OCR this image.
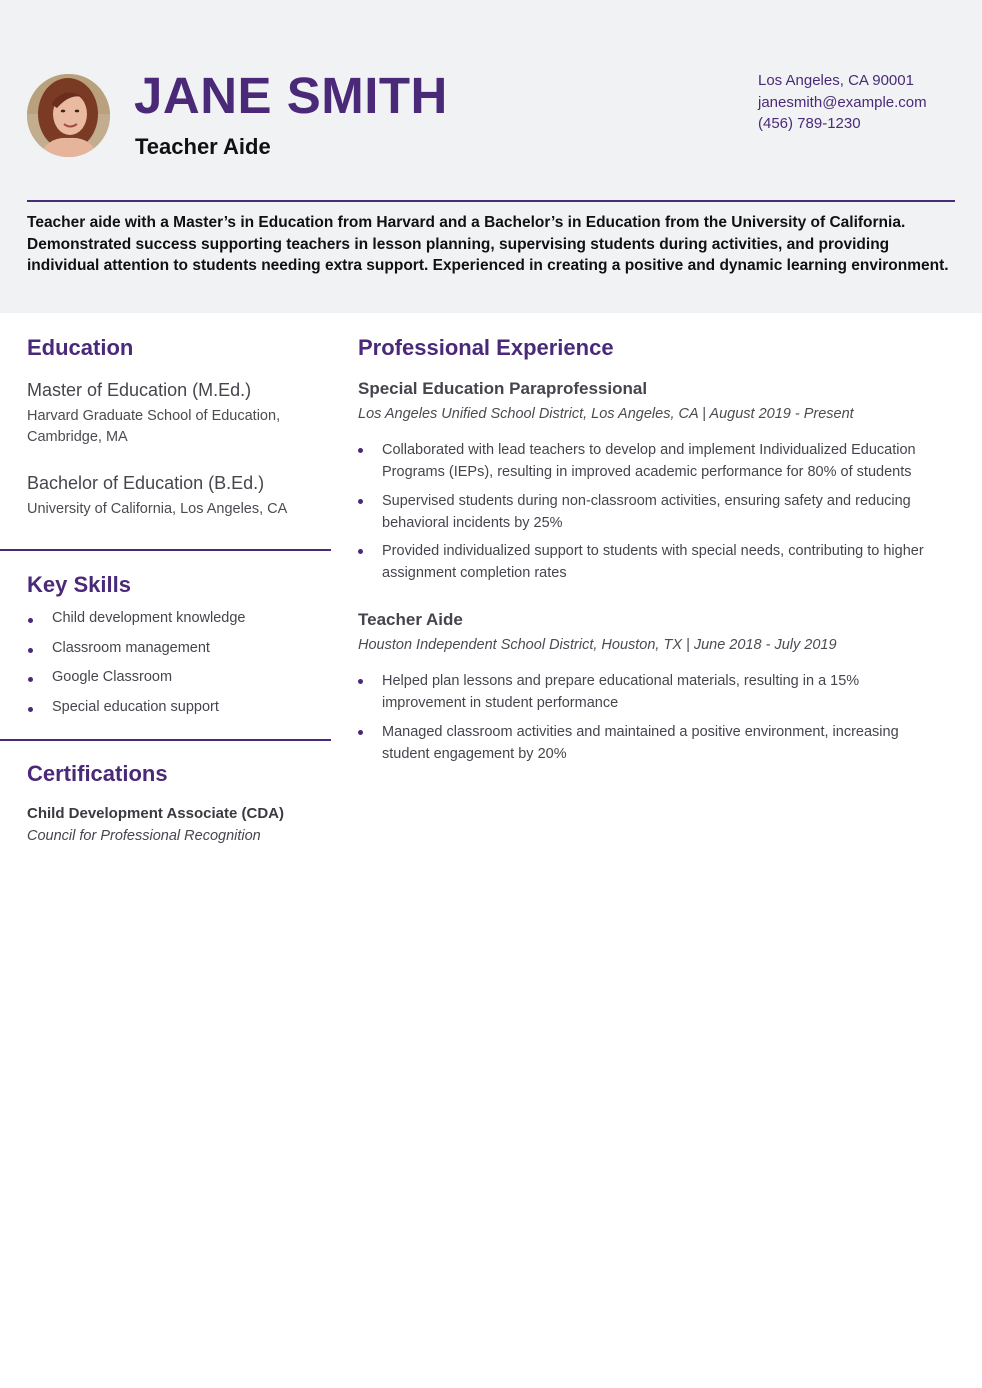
JANE SMITH
Teacher Aide
Los Angeles, CA 90001
janesmith@example.com
(456) 789-1230
Teacher aide with a Master’s in Education from Harvard and a Bachelor’s in Education from the University of California. Demonstrated success supporting teachers in lesson planning, supervising students during activities, and providing individual attention to students needing extra support. Experienced in creating a positive and dynamic learning environment.
Education
Master of Education (M.Ed.)
Harvard Graduate School of Education, Cambridge, MA
Bachelor of Education (B.Ed.)
University of California, Los Angeles, CA
Key Skills
Child development knowledge
Classroom management
Google Classroom
Special education support
Certifications
Child Development Associate (CDA) Council for Professional Recognition
Professional Experience
Special Education Paraprofessional
Los Angeles Unified School District, Los Angeles, CA | August 2019 - Present
Collaborated with lead teachers to develop and implement Individualized Education Programs (IEPs), resulting in improved academic performance for 80% of students
Supervised students during non-classroom activities, ensuring safety and reducing behavioral incidents by 25%
Provided individualized support to students with special needs, contributing to higher assignment completion rates
Teacher Aide
Houston Independent School District, Houston, TX | June 2018 - July 2019
Helped plan lessons and prepare educational materials, resulting in a 15% improvement in student performance
Managed classroom activities and maintained a positive environment, increasing student engagement by 20%
